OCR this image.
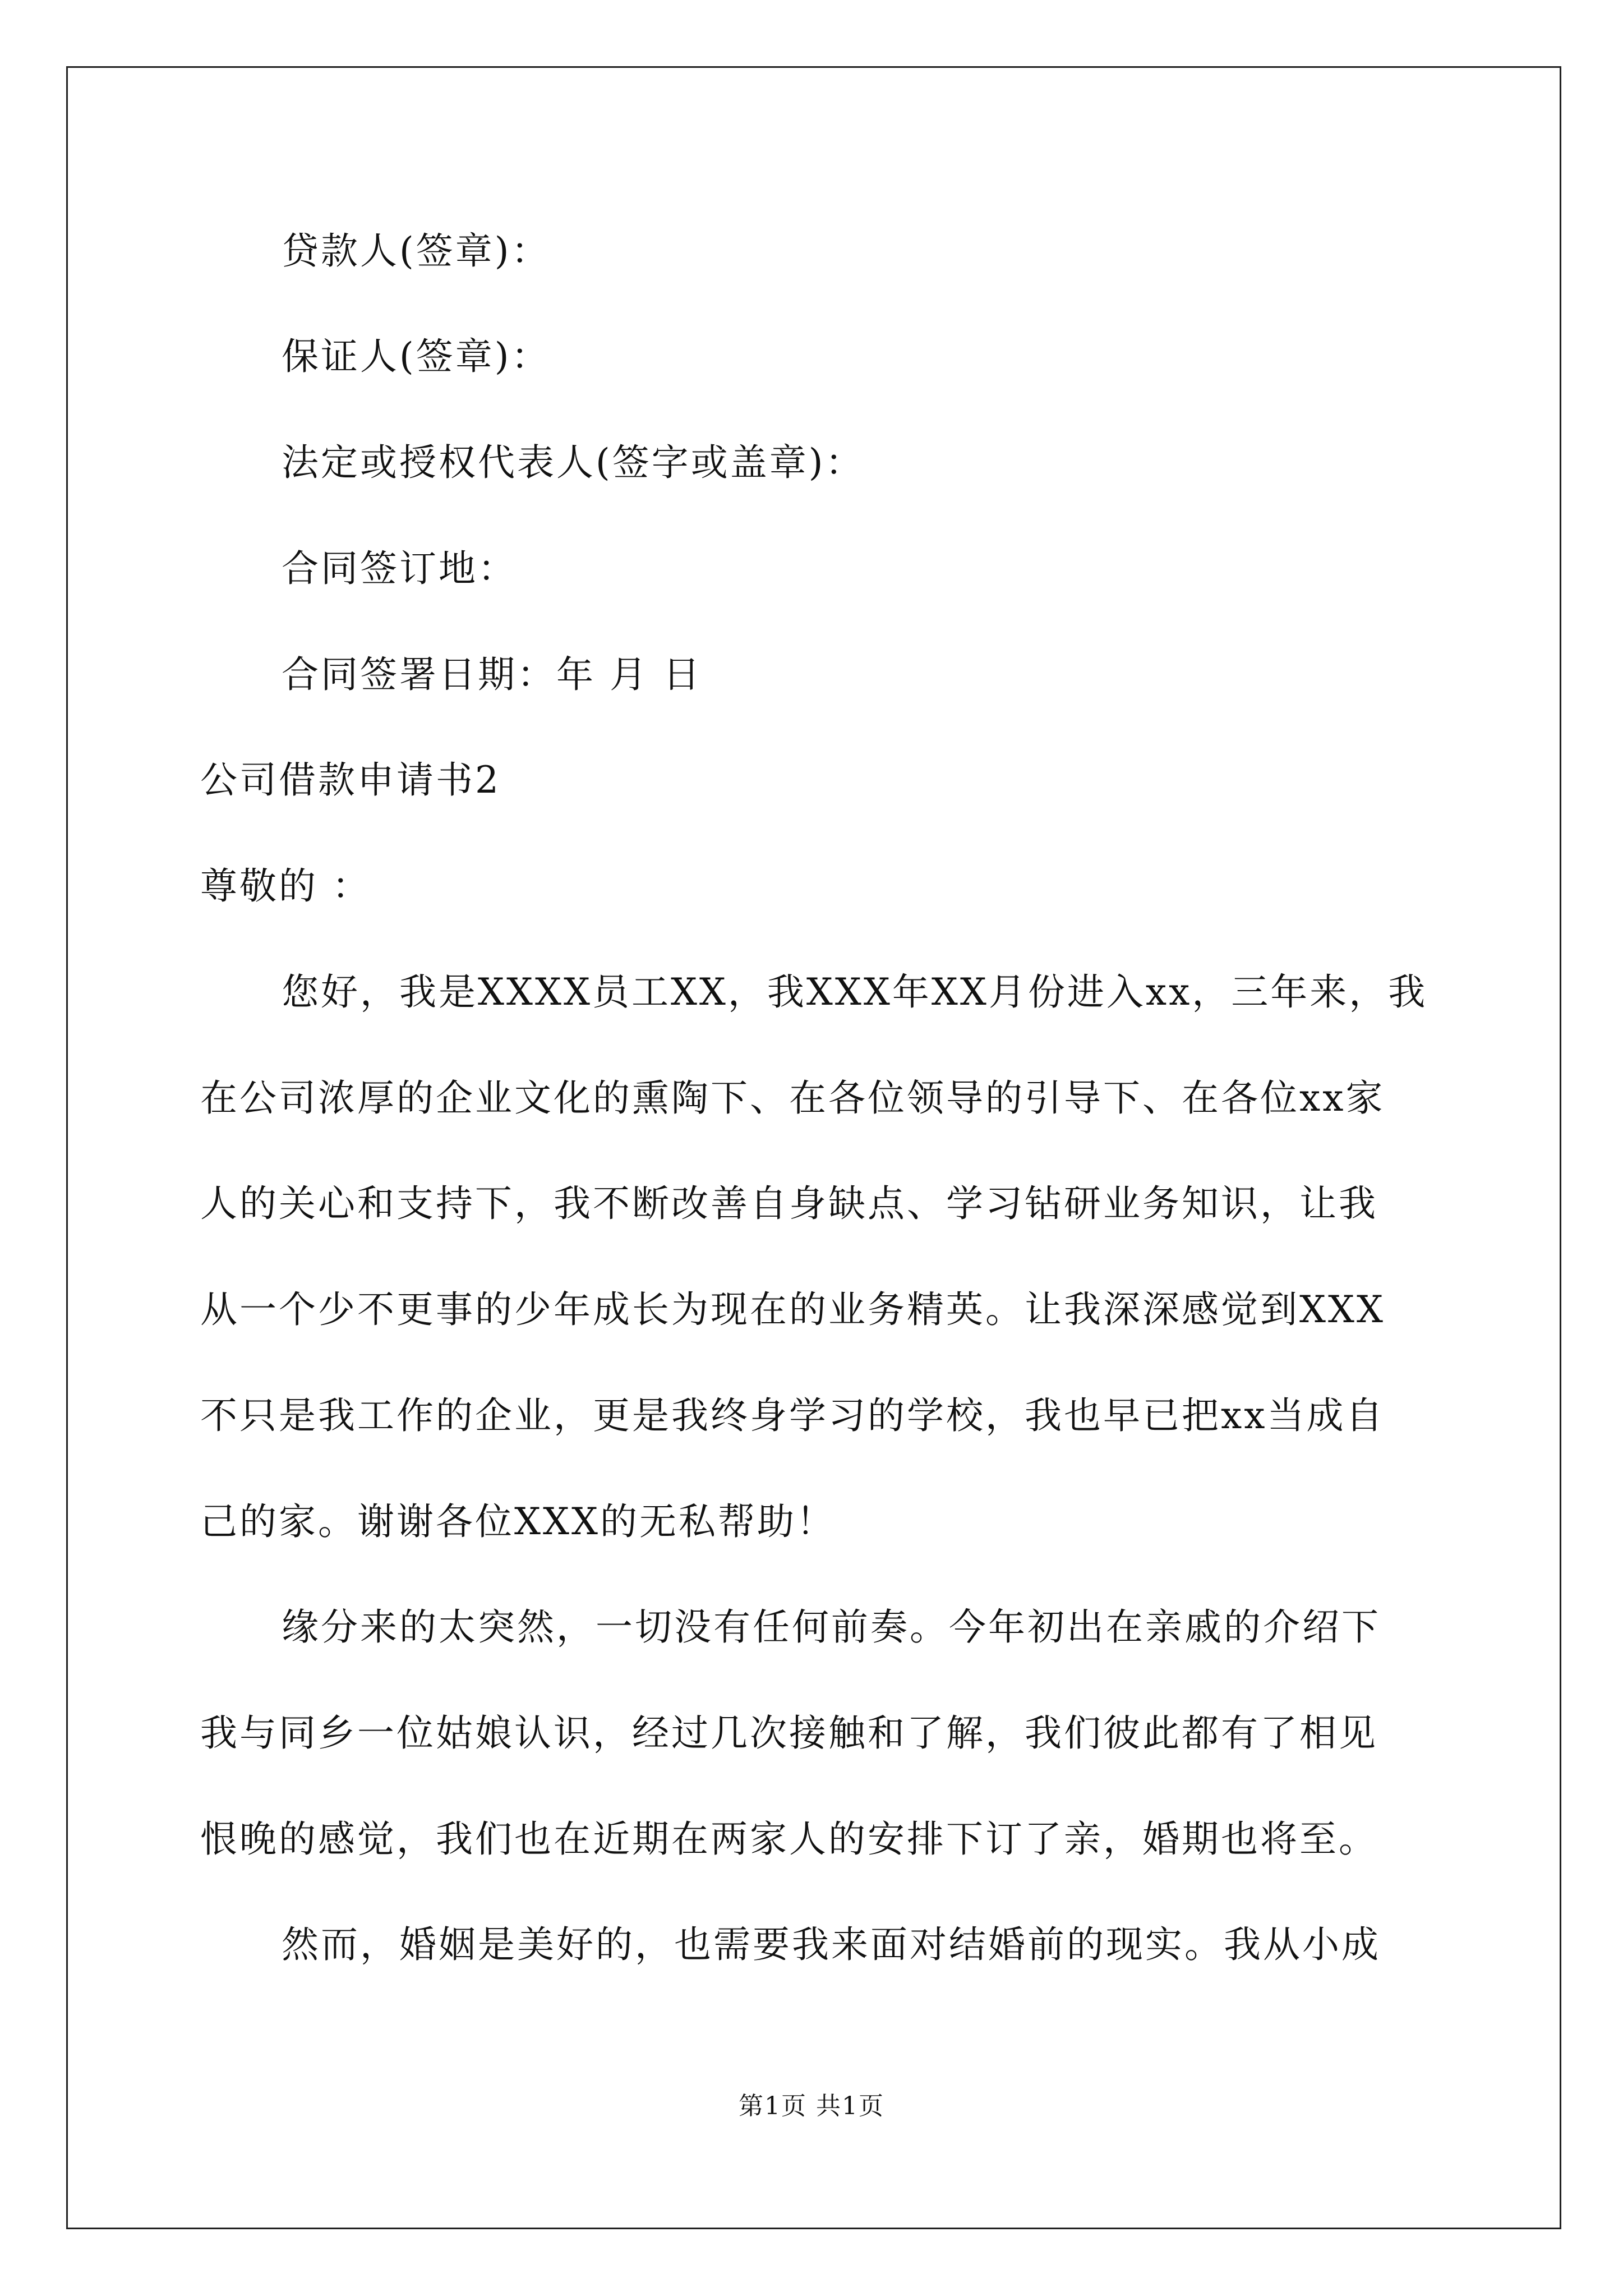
贷款人(签章)：
保证人(签章)：
法定或授权代表人(签字或盖章)：
合同签订地：
合同签署日期：年 月 日
公司借款申请书2
尊敬的 ：
您好，我是XXXX员工XX，我XXX年XX月份进入xx，三年来，我
在公司浓厚的企业文化的熏陶下、在各位领导的引导下、在各位xx家
人的关心和支持下，我不断改善自身缺点、学习钻研业务知识，让我
从一个少不更事的少年成长为现在的业务精英。让我深深感觉到XXX
不只是我工作的企业，更是我终身学习的学校，我也早已把xx当成自
己的家。谢谢各位XXX的无私帮助！
缘分来的太突然，一切没有任何前奏。今年初出在亲戚的介绍下
我与同乡一位姑娘认识，经过几次接触和了解，我们彼此都有了相见
恨晚的感觉，我们也在近期在两家人的安排下订了亲，婚期也将至。
然而，婚姻是美好的，也需要我来面对结婚前的现实。我从小成
第1页 共1页
